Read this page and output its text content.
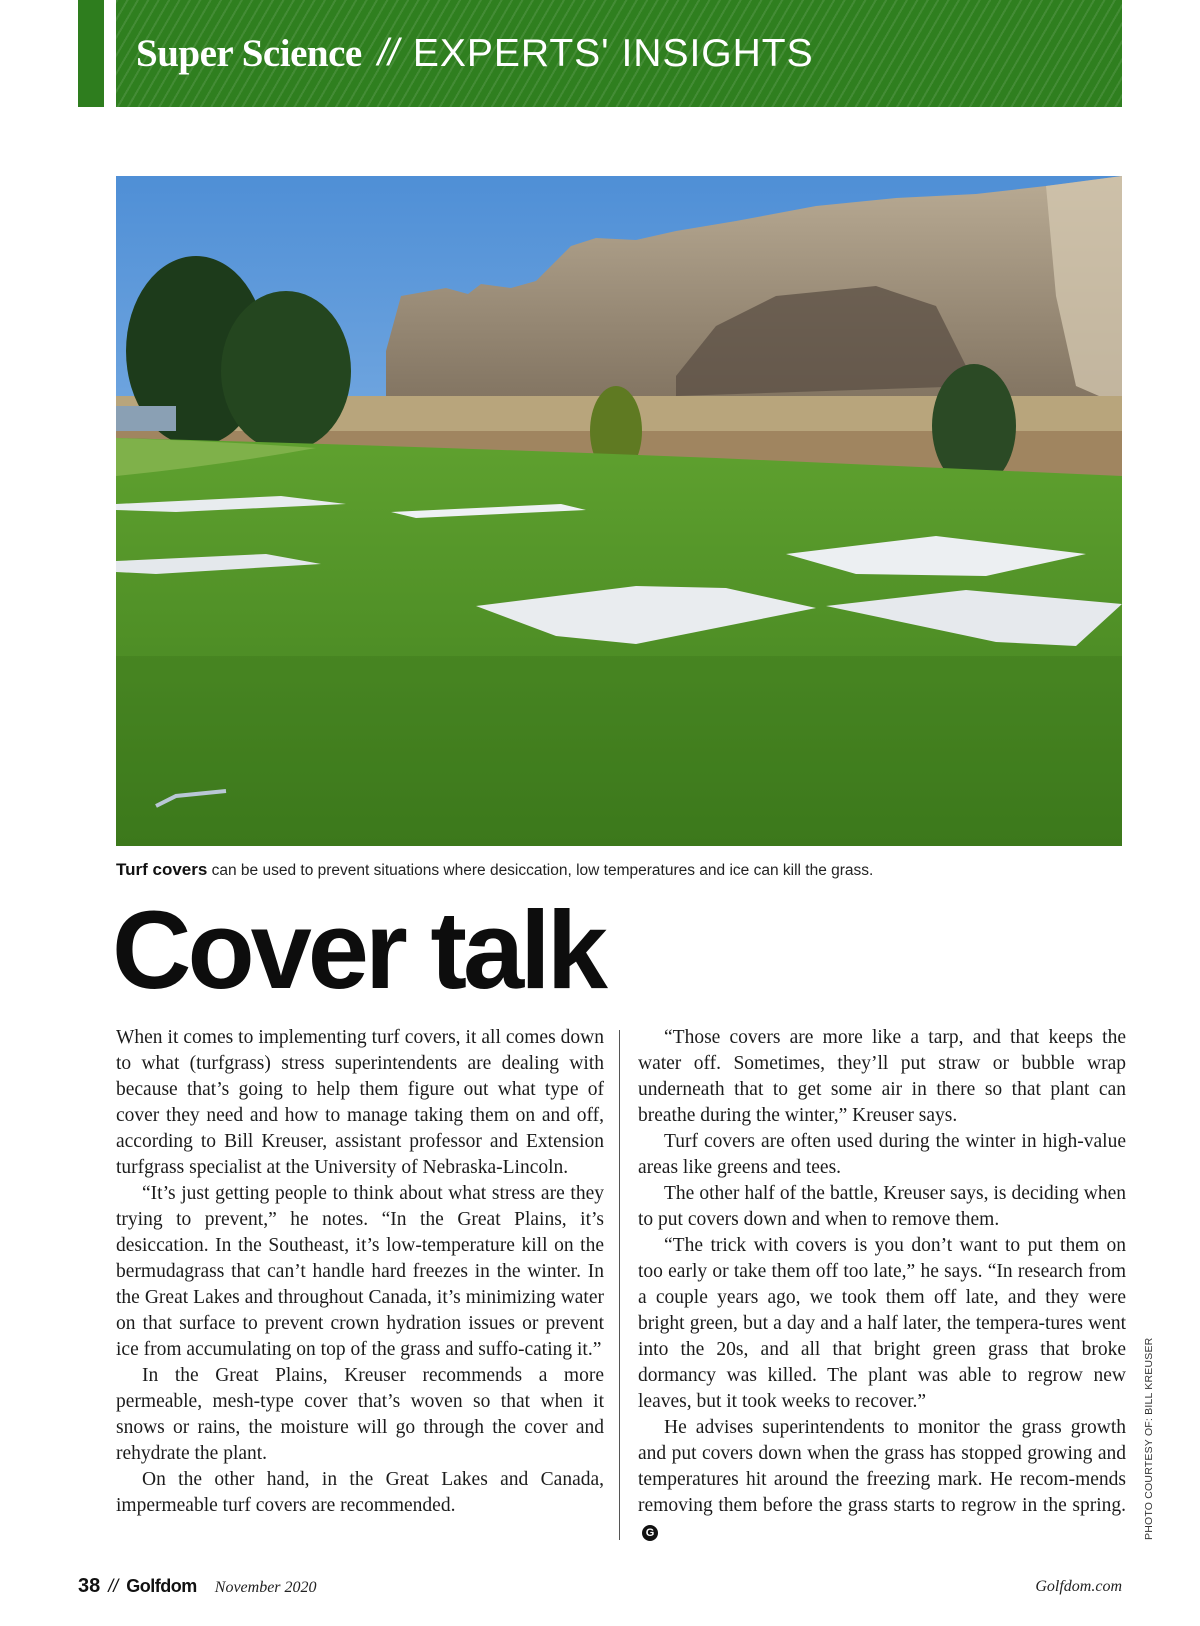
Super Science // EXPERTS' INSIGHTS
Turf covers can be used to prevent situations where desiccation, low temperatures and ice can kill the grass.
Cover talk

When it comes to implementing turf covers, it all comes down to what (turfgrass) stress superintendents are dealing with because that’s going to help them figure out what type of cover they need and how to manage taking them on and off, according to Bill Kreuser, assistant professor and Extension turfgrass specialist at the University of Nebraska-Lincoln.

“It’s just getting people to think about what stress are they trying to prevent,” he notes. “In the Great Plains, it’s desiccation. In the Southeast, it’s low-temperature kill on the bermudagrass that can’t handle hard freezes in the winter. In the Great Lakes and throughout Canada, it’s minimizing water on that surface to prevent crown hydration issues or prevent ice from accumulating on top of the grass and suffo-cating it.”

In the Great Plains, Kreuser recommends a more permeable, mesh-type cover that’s woven so that when it snows or rains, the moisture will go through the cover and rehydrate the plant.

On the other hand, in the Great Lakes and Canada, impermeable turf covers are recommended.

“Those covers are more like a tarp, and that keeps the water off. Sometimes, they’ll put straw or bubble wrap underneath that to get some air in there so that plant can breathe during the winter,” Kreuser says.

Turf covers are often used during the winter in high-value areas like greens and tees.

The other half of the battle, Kreuser says, is deciding when to put covers down and when to remove them.

“The trick with covers is you don’t want to put them on too early or take them off too late,” he says. “In research from a couple years ago, we took them off late, and they were bright green, but a day and a half later, the tempera-tures went into the 20s, and all that bright green grass that broke dormancy was killed. The plant was able to regrow new leaves, but it took weeks to recover.”

He advises superintendents to monitor the grass growth and put covers down when the grass has stopped growing and temperatures hit around the freezing mark. He recom-mends removing them before the grass starts to regrow in the spring.G	PHOTO COURTESY OF: BILL KREUSER
38 // Golfdom November 2020	Golfdom.com
